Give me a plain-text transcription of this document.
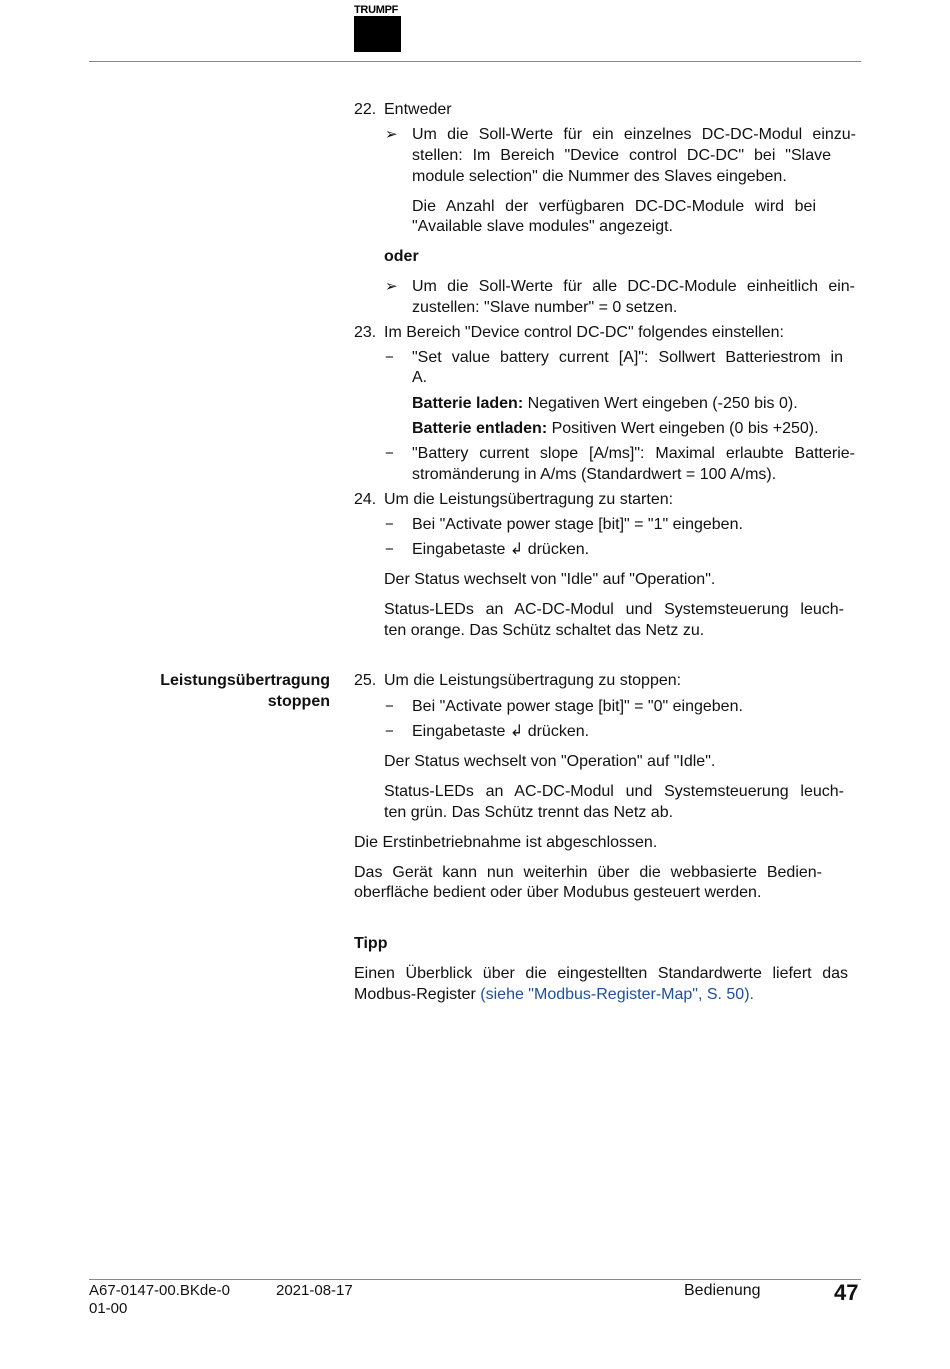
TRUMPF
22. Entweder
➢ Um die Soll-Werte für ein einzelnes DC-DC-Modul einzu-
stellen: Im Bereich "Device control DC-DC" bei "Slave
module selection" die Nummer des Slaves eingeben.
Die Anzahl der verfügbaren DC-DC-Module wird bei
"Available slave modules" angezeigt.
oder
➢ Um die Soll-Werte für alle DC-DC-Module einheitlich ein-
zustellen: "Slave number" = 0 setzen.
23. Im Bereich "Device control DC-DC" folgendes einstellen:
− "Set value battery current [A]": Sollwert Batteriestrom in
A.
Batterie laden: Negativen Wert eingeben (-250 bis 0).
Batterie entladen: Positiven Wert eingeben (0 bis +250).
− "Battery current slope [A/ms]": Maximal erlaubte Batterie-
stromänderung in A/ms (Standardwert = 100 A/ms).
24. Um die Leistungsübertragung zu starten:
− Bei "Activate power stage [bit]" = "1" eingeben.
− Eingabetaste ↲ drücken.
Der Status wechselt von "Idle" auf "Operation".
Status-LEDs an AC-DC-Modul und Systemsteuerung leuch-
ten orange. Das Schütz schaltet das Netz zu.
Leistungsübertragung
stoppen
25. Um die Leistungsübertragung zu stoppen:
− Bei "Activate power stage [bit]" = "0" eingeben.
− Eingabetaste ↲ drücken.
Der Status wechselt von "Operation" auf "Idle".
Status-LEDs an AC-DC-Modul und Systemsteuerung leuch-
ten grün. Das Schütz trennt das Netz ab.
Die Erstinbetriebnahme ist abgeschlossen.
Das Gerät kann nun weiterhin über die webbasierte Bedien-
oberfläche bedient oder über Modubus gesteuert werden.
Tipp
Einen Überblick über die eingestellten Standardwerte liefert das
Modbus-Register (siehe "Modbus-Register-Map", S. 50).
A67-0147-00.BKde-0
01-00
2021-08-17	Bedienung	47
